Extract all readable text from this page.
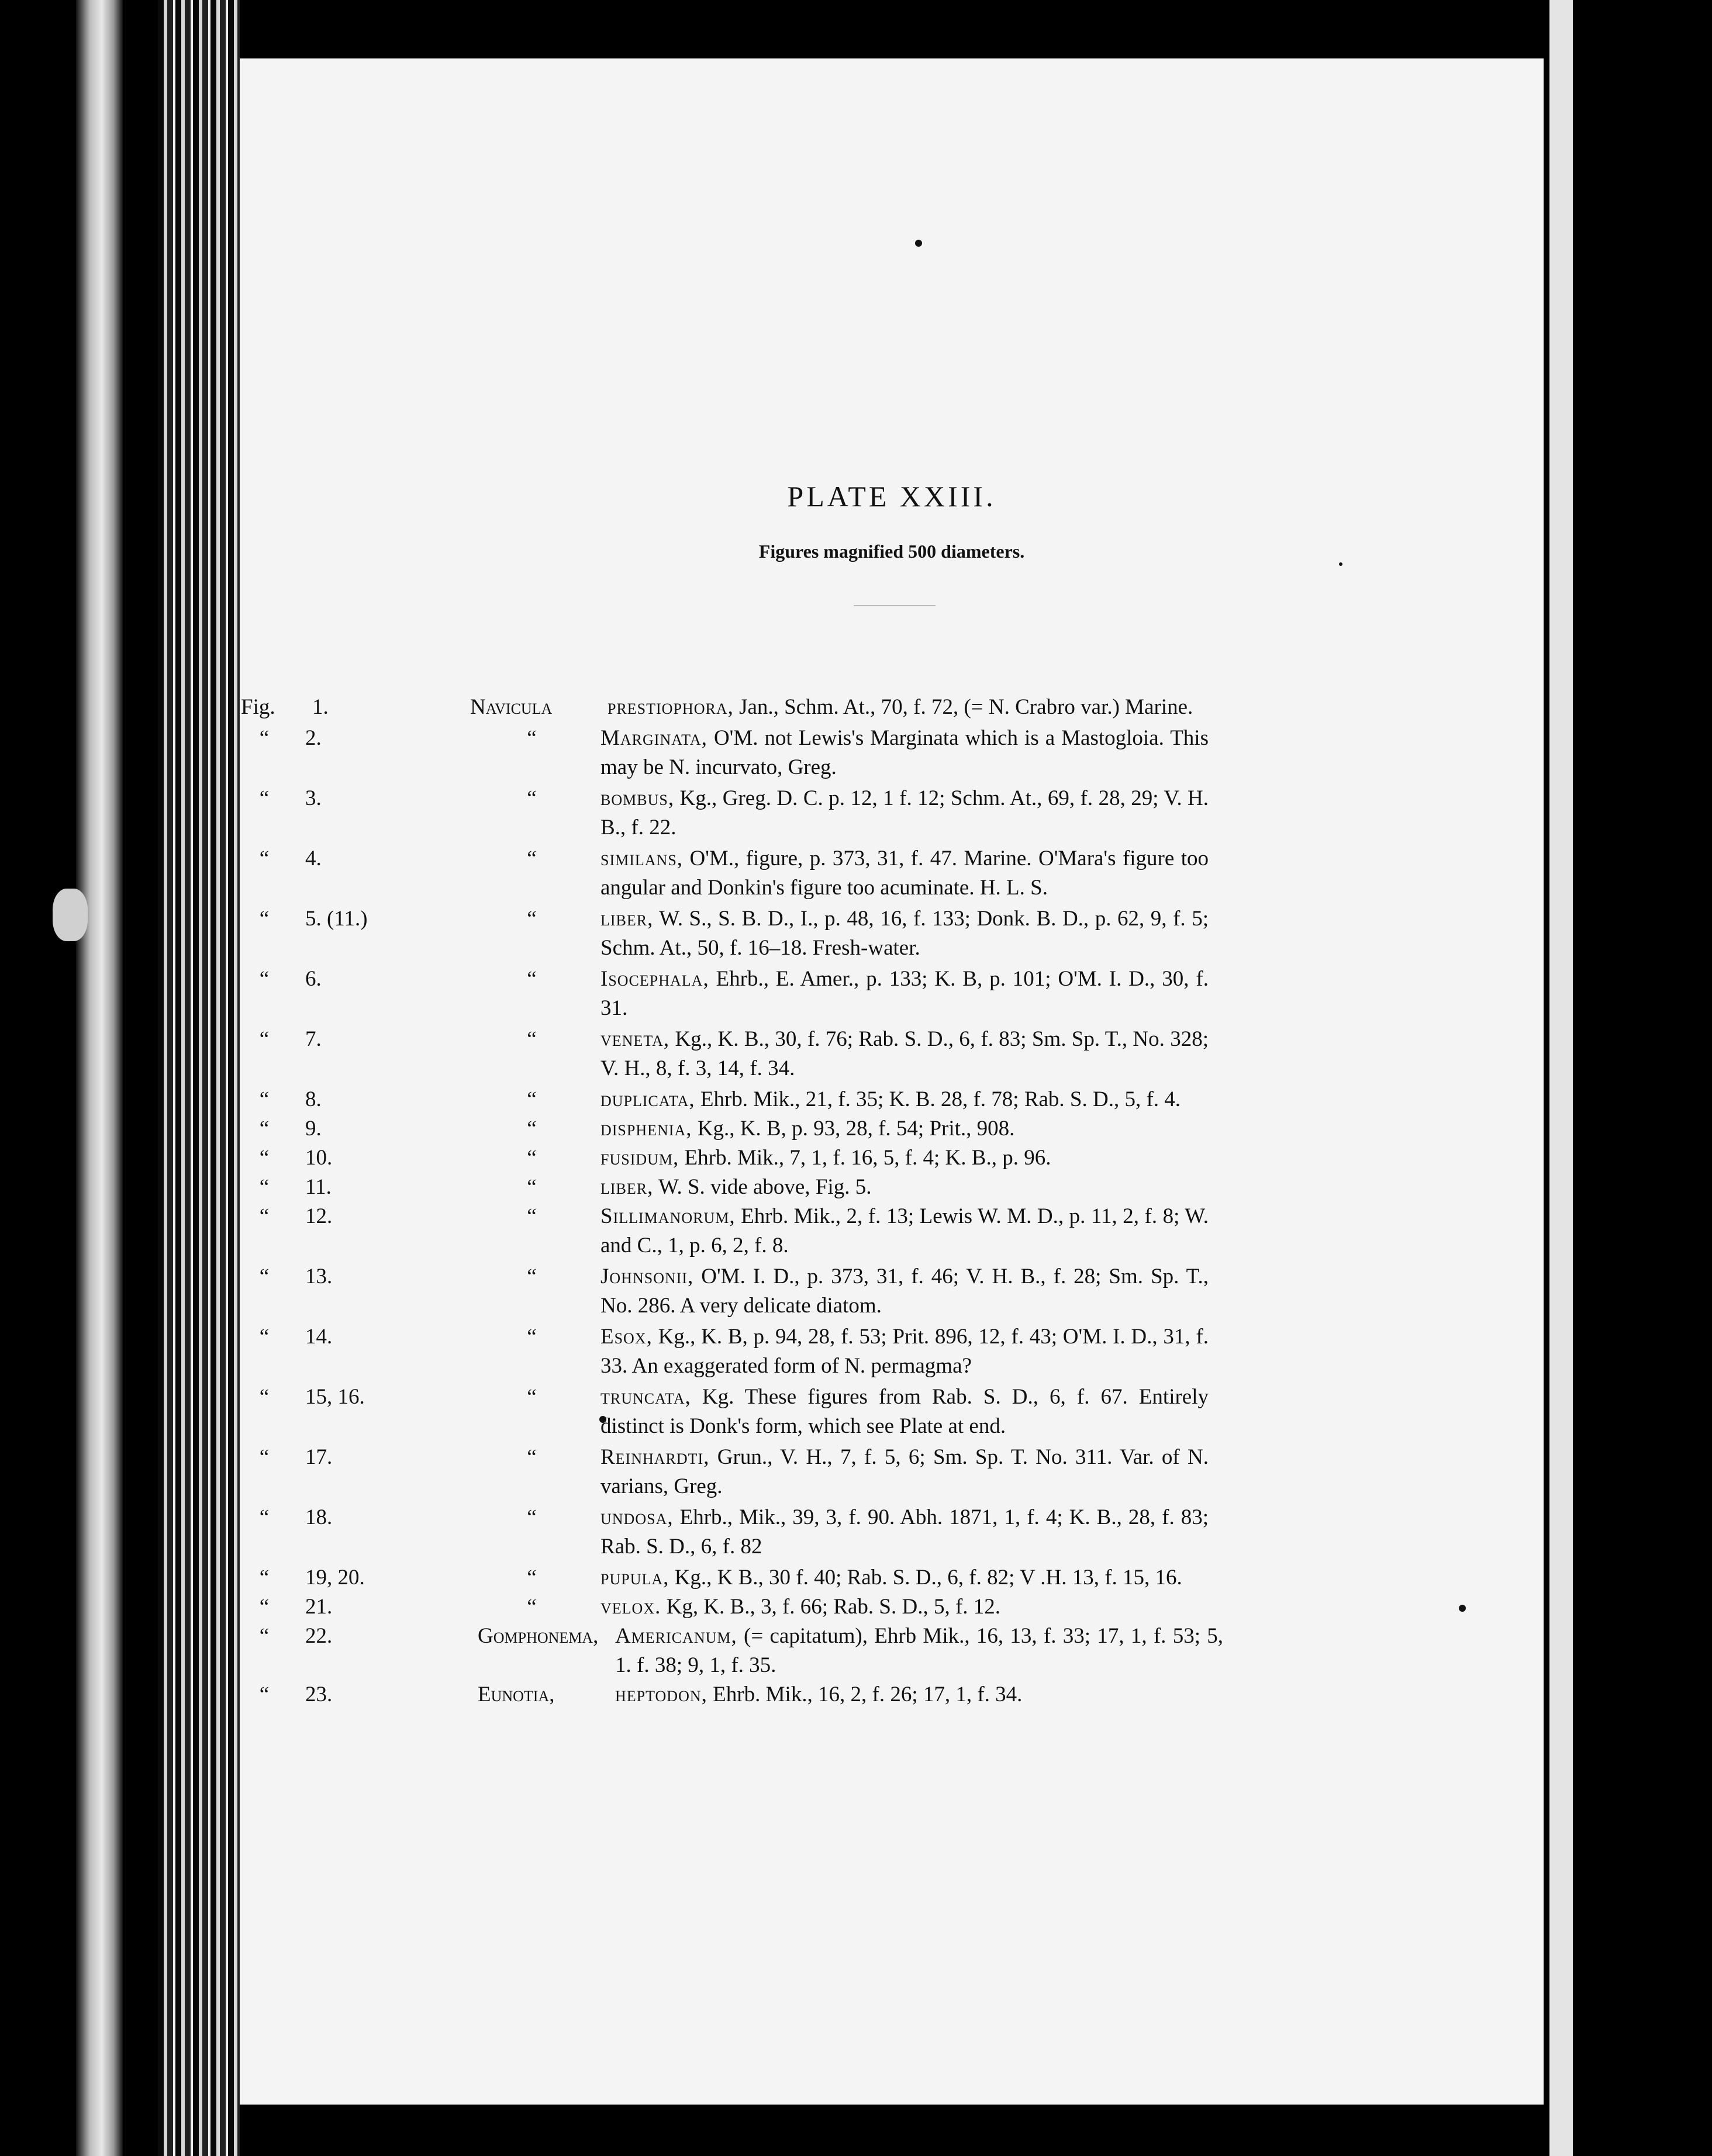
PLATE XXIII.
Figures magnified 500 diameters.
Fig.	1.	Navicula	prestiophora, Jan., Schm. At., 70, f. 72, (= N. Crabro var.) Marine.
“	2.	“	Marginata, O'M. not Lewis's Marginata which is a Mastogloia. This may be N. incurvato, Greg.
“	3.	“	bombus, Kg., Greg. D. C. p. 12, 1 f. 12; Schm. At., 69, f. 28, 29; V. H. B., f. 22.
“	4.	“	similans, O'M., figure, p. 373, 31, f. 47. Marine. O'Mara's figure too angular and Donkin's figure too acuminate. H. L. S.
“	5. (11.)	“	liber, W. S., S. B. D., I., p. 48, 16, f. 133; Donk. B. D., p. 62, 9, f. 5; Schm. At., 50, f. 16–18. Fresh-water.
“	6.	“	Isocephala, Ehrb., E. Amer., p. 133; K. B, p. 101; O'M. I. D., 30, f. 31.
“	7.	“	veneta, Kg., K. B., 30, f. 76; Rab. S. D., 6, f. 83; Sm. Sp. T., No. 328; V. H., 8, f. 3, 14, f. 34.
“	8.	“	duplicata, Ehrb. Mik., 21, f. 35; K. B. 28, f. 78; Rab. S. D., 5, f. 4.
“	9.	“	disphenia, Kg., K. B, p. 93, 28, f. 54; Prit., 908.
“	10.	“	fusidum, Ehrb. Mik., 7, 1, f. 16, 5, f. 4; K. B., p. 96.
“	11.	“	liber, W. S. vide above, Fig. 5.
“	12.	“	Sillimanorum, Ehrb. Mik., 2, f. 13; Lewis W. M. D., p. 11, 2, f. 8; W. and C., 1, p. 6, 2, f. 8.
“	13.	“	Johnsonii, O'M. I. D., p. 373, 31, f. 46; V. H. B., f. 28; Sm. Sp. T., No. 286. A very delicate diatom.
“	14.	“	Esox, Kg., K. B, p. 94, 28, f. 53; Prit. 896, 12, f. 43; O'M. I. D., 31, f. 33. An exaggerated form of N. permagma?
“	15, 16.	“	truncata, Kg. These figures from Rab. S. D., 6, f. 67. Entirely distinct is Donk's form, which see Plate at end.
“	17.	“	Reinhardti, Grun., V. H., 7, f. 5, 6; Sm. Sp. T. No. 311. Var. of N. varians, Greg.
“	18.	“	undosa, Ehrb., Mik., 39, 3, f. 90. Abh. 1871, 1, f. 4; K. B., 28, f. 83; Rab. S. D., 6, f. 82
“	19, 20.	“	pupula, Kg., K B., 30 f. 40; Rab. S. D., 6, f. 82; V .H. 13, f. 15, 16.
“	21.	“	velox. Kg, K. B., 3, f. 66; Rab. S. D., 5, f. 12.
“	22.	Gomphonema, Americanum, (= capitatum), Ehrb Mik., 16, 13, f. 33; 17, 1, f. 53; 5, 1. f. 38; 9, 1, f. 35.
“	23.	Eunotia,	heptodon, Ehrb. Mik., 16, 2, f. 26; 17, 1, f. 34.
